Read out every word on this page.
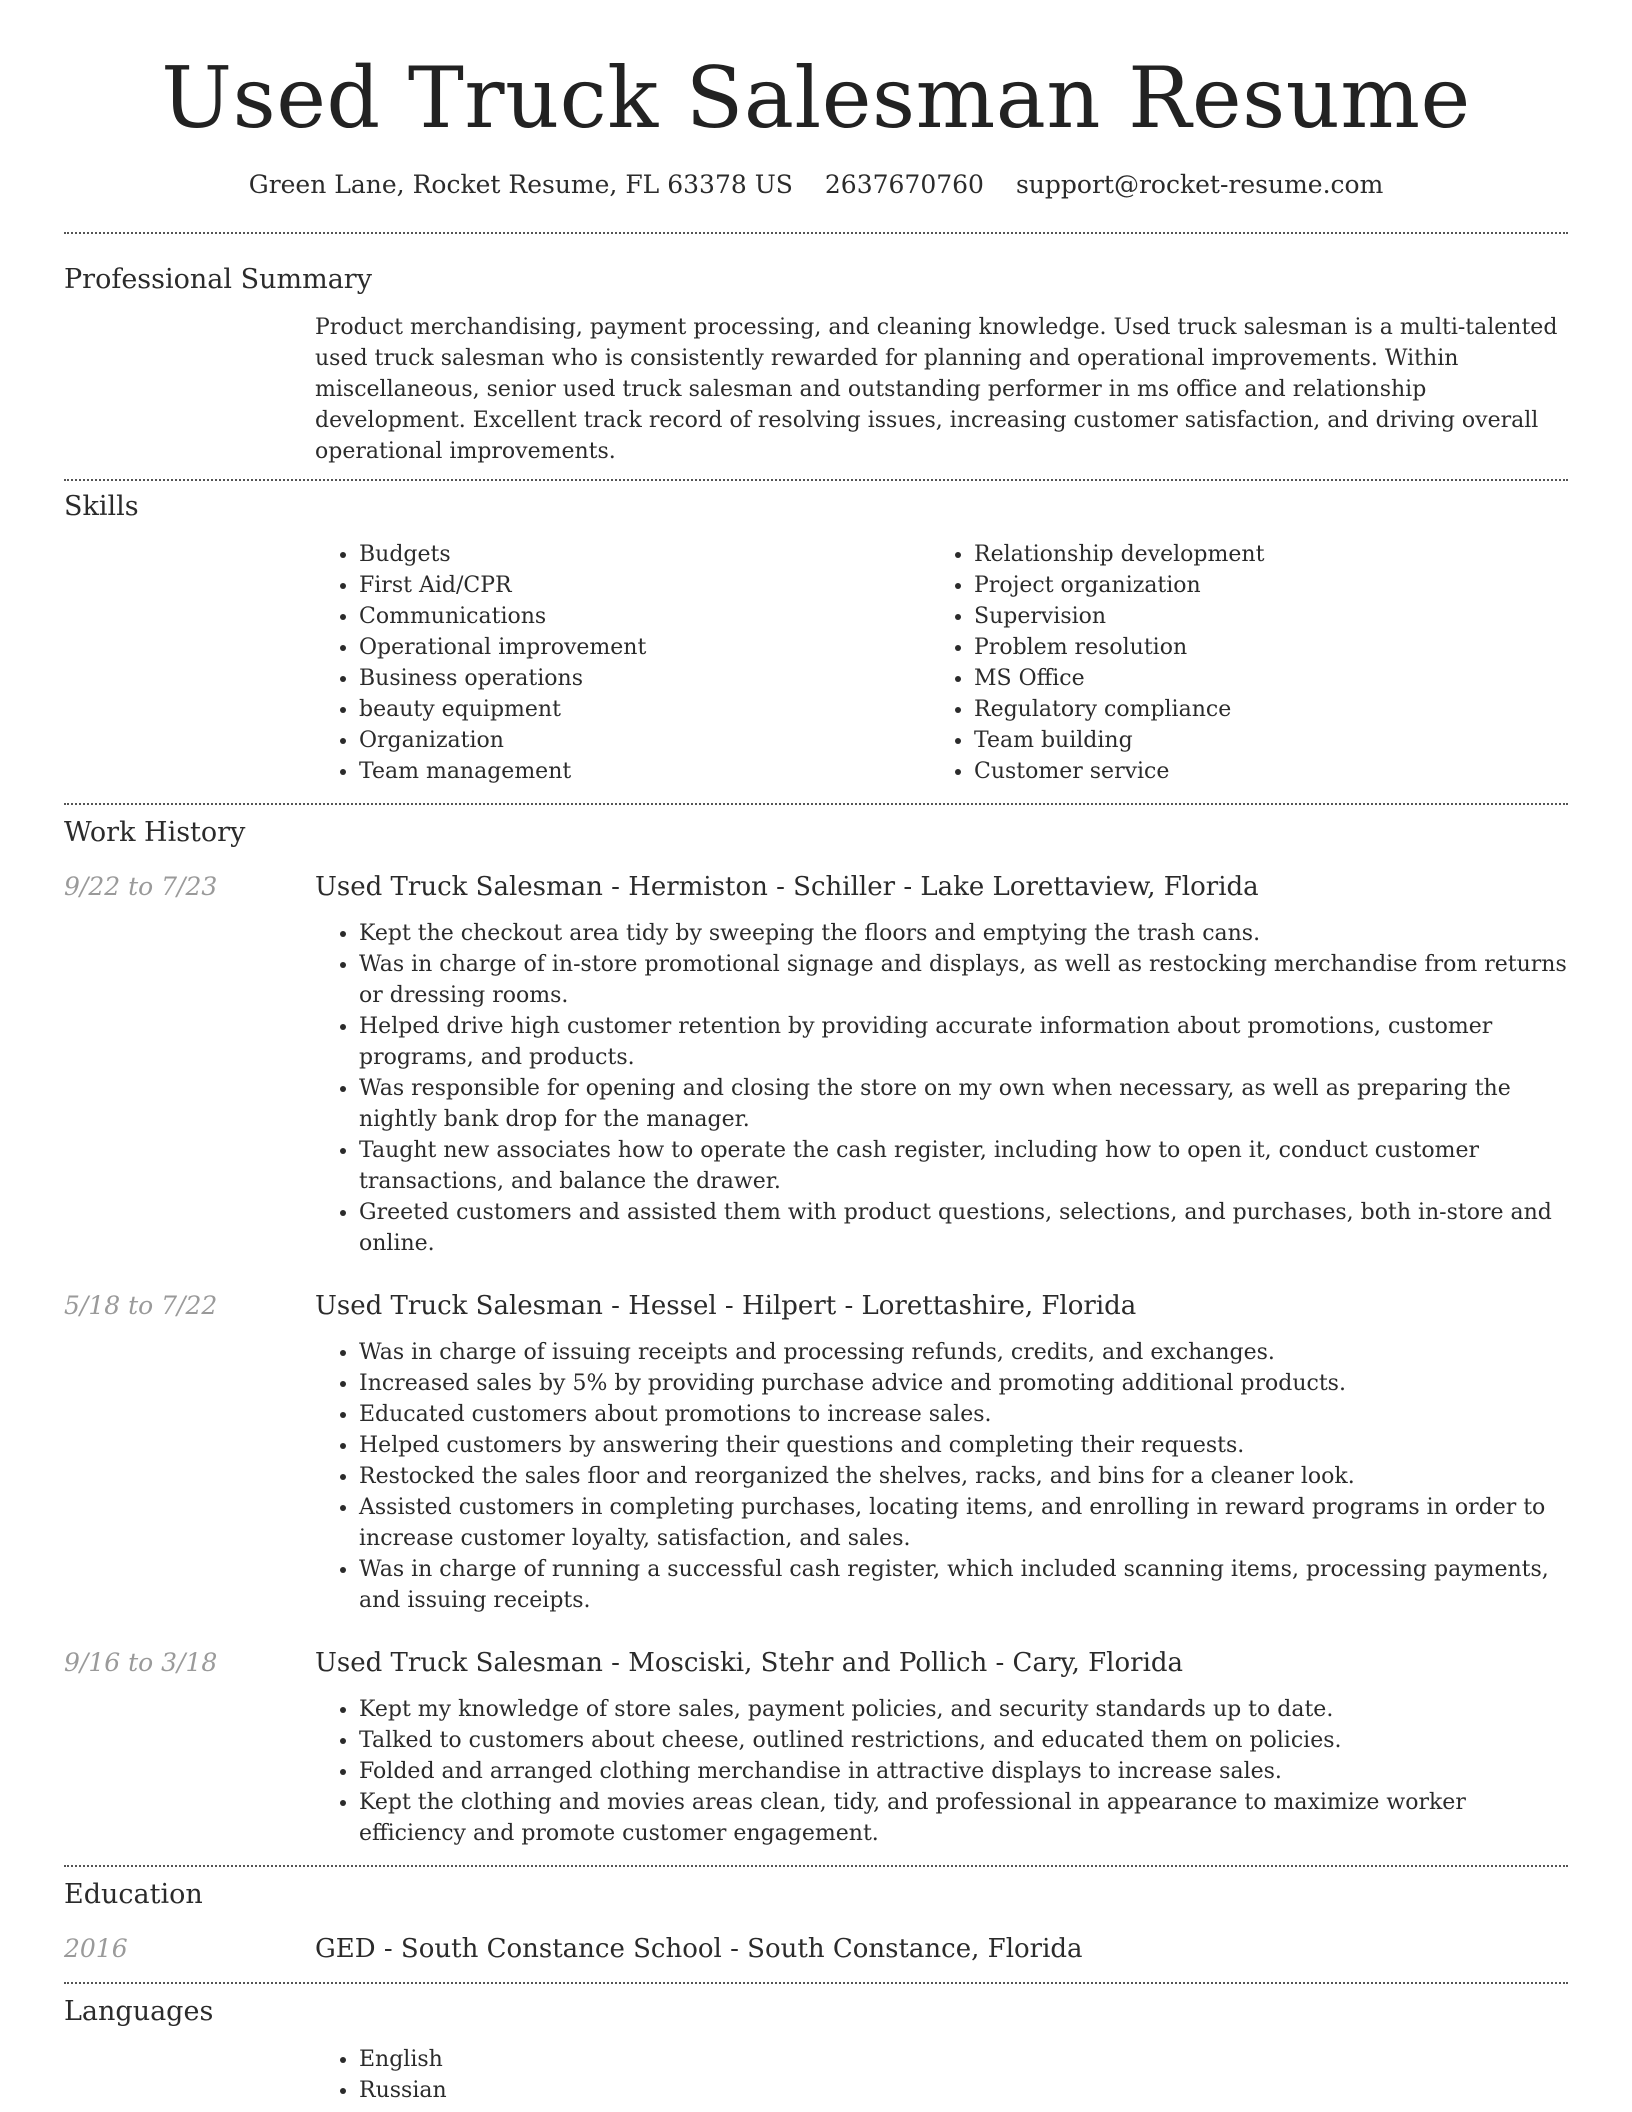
Used Truck Salesman Resume
Green Lane, Rocket Resume, FL 63378 US 2637670760 support@rocket-resume.com
Professional Summary
Product merchandising, payment processing, and cleaning knowledge. Used truck salesman is a multi-talented used truck salesman who is consistently rewarded for planning and operational improvements. Within miscellaneous, senior used truck salesman and outstanding performer in ms office and relationship development. Excellent track record of resolving issues, increasing customer satisfaction, and driving overall operational improvements.
Skills
• Budgets
• First Aid/CPR
• Communications
• Operational improvement
• Business operations
• beauty equipment
• Organization
• Team management
• Relationship development
• Project organization
• Supervision
• Problem resolution
• MS Office
• Regulatory compliance
• Team building
• Customer service
Work History
9/22 to 7/23	Used Truck Salesman - Hermiston - Schiller - Lake Lorettaview, Florida
• Kept the checkout area tidy by sweeping the floors and emptying the trash cans.
• Was in charge of in-store promotional signage and displays, as well as restocking merchandise from returns or dressing rooms.
• Helped drive high customer retention by providing accurate information about promotions, customer programs, and products.
• Was responsible for opening and closing the store on my own when necessary, as well as preparing the nightly bank drop for the manager.
• Taught new associates how to operate the cash register, including how to open it, conduct customer transactions, and balance the drawer.
• Greeted customers and assisted them with product questions, selections, and purchases, both in-store and online.
5/18 to 7/22	Used Truck Salesman - Hessel - Hilpert - Lorettashire, Florida
• Was in charge of issuing receipts and processing refunds, credits, and exchanges.
• Increased sales by 5% by providing purchase advice and promoting additional products.
• Educated customers about promotions to increase sales.
• Helped customers by answering their questions and completing their requests.
• Restocked the sales floor and reorganized the shelves, racks, and bins for a cleaner look.
• Assisted customers in completing purchases, locating items, and enrolling in reward programs in order to increase customer loyalty, satisfaction, and sales.
• Was in charge of running a successful cash register, which included scanning items, processing payments, and issuing receipts.
9/16 to 3/18	Used Truck Salesman - Mosciski, Stehr and Pollich - Cary, Florida
• Kept my knowledge of store sales, payment policies, and security standards up to date.
• Talked to customers about cheese, outlined restrictions, and educated them on policies.
• Folded and arranged clothing merchandise in attractive displays to increase sales.
• Kept the clothing and movies areas clean, tidy, and professional in appearance to maximize worker efficiency and promote customer engagement.
Education
2016	GED - South Constance School - South Constance, Florida
Languages
• English
• Russian
